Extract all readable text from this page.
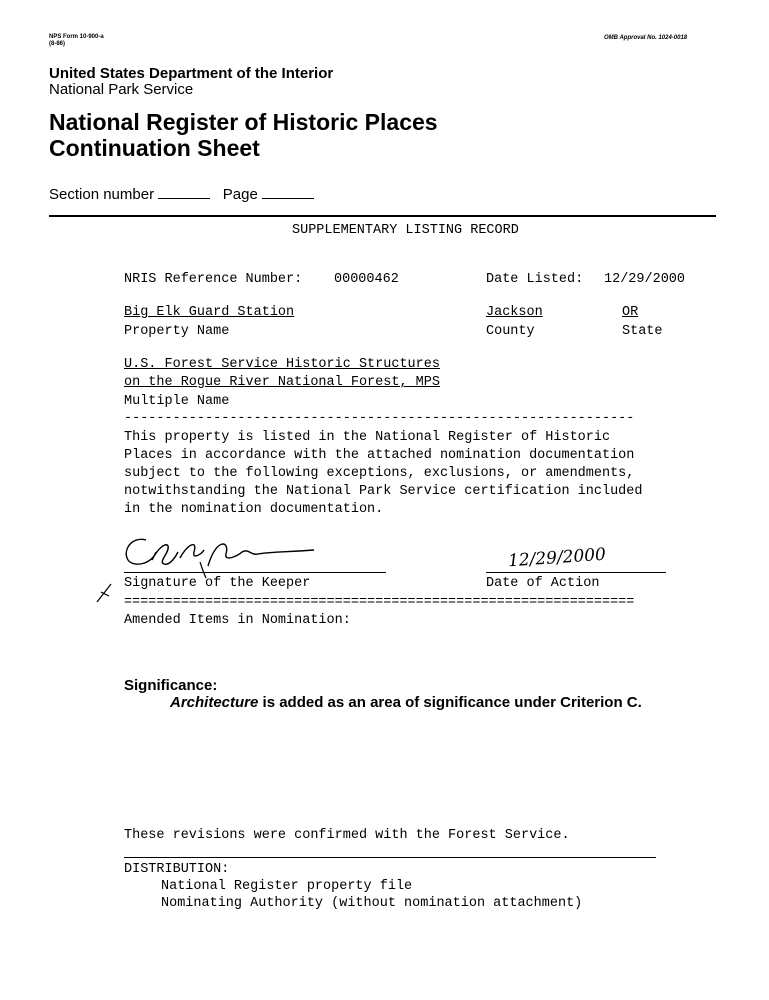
NPS Form 10-900-a
(8-86)
OMB Approval No. 1024-0018
United States Department of the Interior
National Park Service
National Register of Historic Places
Continuation Sheet
Section number	Page
SUPPLEMENTARY LISTING RECORD
NRIS Reference Number: 00000462	Date Listed: 12/29/2000
Big Elk Guard Station	Jackson	OR
Property Name	County	State
U.S. Forest Service Historic Structures
on the Rogue River National Forest, MPS
Multiple Name
---------------------------------------------------------------
This property is listed in the National Register of Historic
Places in accordance with the attached nomination documentation
subject to the following exceptions, exclusions, or amendments,
notwithstanding the National Park Service certification included
in the nomination documentation.
Signature of the Keeper
12/29/2000
Date of Action
===============================================================
Amended Items in Nomination:
Significance:
Architecture is added as an area of significance under Criterion C.
These revisions were confirmed with the Forest Service.
DISTRIBUTION:
National Register property file
Nominating Authority (without nomination attachment)
